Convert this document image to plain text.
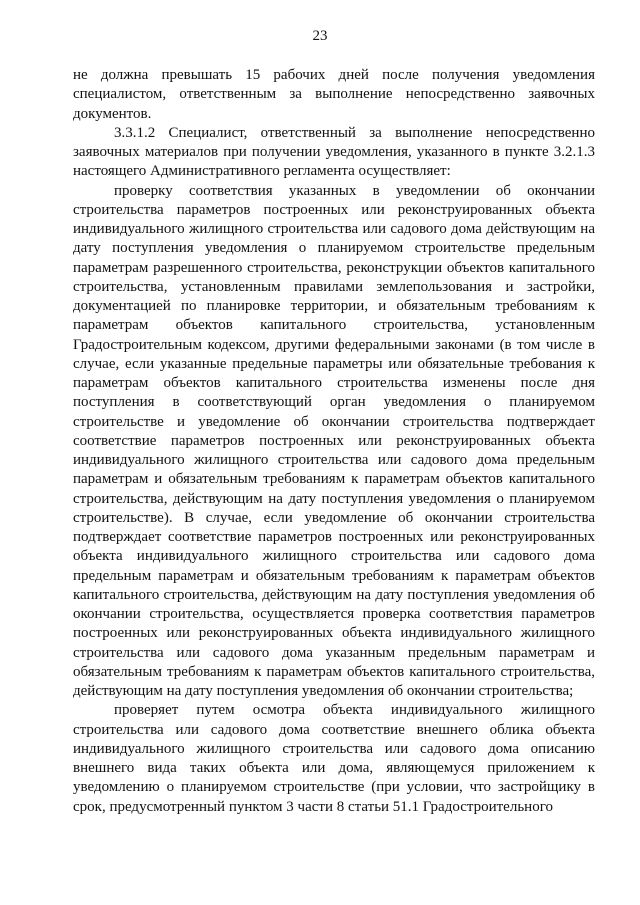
23

не должна превышать 15 рабочих дней после получения уведомления специалистом, ответственным за выполнение непосредственно заявочных документов.

3.3.1.2 Специалист, ответственный за выполнение непосредственно заявочных материалов при получении уведомления, указанного в пункте 3.2.1.3 настоящего Административного регламента осуществляет:

проверку соответствия указанных в уведомлении об окончании строительства параметров построенных или реконструированных объекта индивидуального жилищного строительства или садового дома действующим на дату поступления уведомления о планируемом строительстве предельным параметрам разрешенного строительства, реконструкции объектов капитального строительства, установленным правилами землепользования и застройки, документацией по планировке территории, и обязательным требованиям к параметрам объектов капитального строительства, установленным Градостроительным кодексом, другими федеральными законами (в том числе в случае, если указанные предельные параметры или обязательные требования к параметрам объектов капитального строительства изменены после дня поступления в соответствующий орган уведомления о планируемом строительстве и уведомление об окончании строительства подтверждает соответствие параметров построенных или реконструированных объекта индивидуального жилищного строительства или садового дома предельным параметрам и обязательным требованиям к параметрам объектов капитального строительства, действующим на дату поступления уведомления о планируемом строительстве). В случае, если уведомление об окончании строительства подтверждает соответствие параметров построенных или реконструированных объекта индивидуального жилищного строительства или садового дома предельным параметрам и обязательным требованиям к параметрам объектов капитального строительства, действующим на дату поступления уведомления об окончании строительства, осуществляется проверка соответствия параметров построенных или реконструированных объекта индивидуального жилищного строительства или садового дома указанным предельным параметрам и обязательным требованиям к параметрам объектов капитального строительства, действующим на дату поступления уведомления об окончании строительства;

проверяет путем осмотра объекта индивидуального жилищного строительства или садового дома соответствие внешнего облика объекта индивидуального жилищного строительства или садового дома описанию внешнего вида таких объекта или дома, являющемуся приложением к уведомлению о планируемом строительстве (при условии, что застройщику в срок, предусмотренный пунктом 3 части 8 статьи 51.1 Градостроительного
